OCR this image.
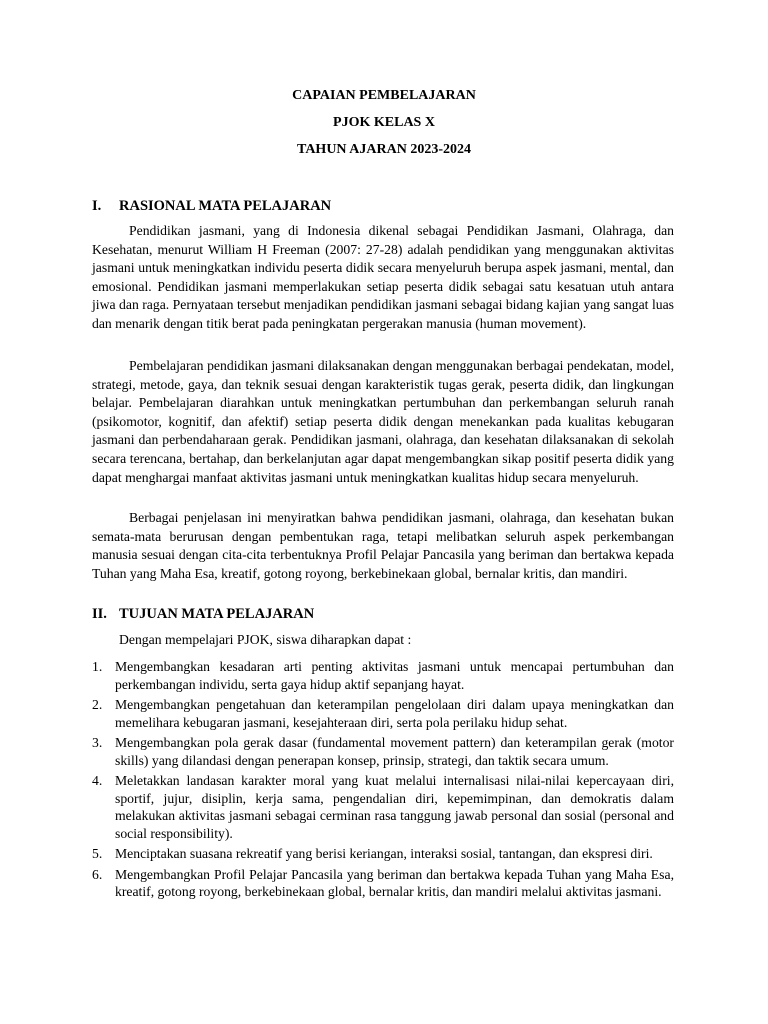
CAPAIAN PEMBELAJARAN
PJOK KELAS X
TAHUN AJARAN 2023-2024
I. RASIONAL MATA PELAJARAN

Pendidikan jasmani, yang di Indonesia dikenal sebagai Pendidikan Jasmani, Olahraga, dan Kesehatan, menurut William H Freeman (2007: 27-28) adalah pendidikan yang menggunakan aktivitas jasmani untuk meningkatkan individu peserta didik secara menyeluruh berupa aspek jasmani, mental, dan emosional. Pendidikan jasmani memperlakukan setiap peserta didik sebagai satu kesatuan utuh antara jiwa dan raga. Pernyataan tersebut menjadikan pendidikan jasmani sebagai bidang kajian yang sangat luas dan menarik dengan titik berat pada peningkatan pergerakan manusia (human movement).

Pembelajaran pendidikan jasmani dilaksanakan dengan menggunakan berbagai pendekatan, model, strategi, metode, gaya, dan teknik sesuai dengan karakteristik tugas gerak, peserta didik, dan lingkungan belajar. Pembelajaran diarahkan untuk meningkatkan pertumbuhan dan perkembangan seluruh ranah (psikomotor, kognitif, dan afektif) setiap peserta didik dengan menekankan pada kualitas kebugaran jasmani dan perbendaharaan gerak. Pendidikan jasmani, olahraga, dan kesehatan dilaksanakan di sekolah secara terencana, bertahap, dan berkelanjutan agar dapat mengembangkan sikap positif peserta didik yang dapat menghargai manfaat aktivitas jasmani untuk meningkatkan kualitas hidup secara menyeluruh.

Berbagai penjelasan ini menyiratkan bahwa pendidikan jasmani, olahraga, dan kesehatan bukan semata-mata berurusan dengan pembentukan raga, tetapi melibatkan seluruh aspek perkembangan manusia sesuai dengan cita-cita terbentuknya Profil Pelajar Pancasila yang beriman dan bertakwa kepada Tuhan yang Maha Esa, kreatif, gotong royong, berkebinekaan global, bernalar kritis, dan mandiri.

II. TUJUAN MATA PELAJARAN
Dengan mempelajari PJOK, siswa diharapkan dapat :
1. Mengembangkan kesadaran arti penting aktivitas jasmani untuk mencapai pertumbuhan dan perkembangan individu, serta gaya hidup aktif sepanjang hayat.
2. Mengembangkan pengetahuan dan keterampilan pengelolaan diri dalam upaya meningkatkan dan memelihara kebugaran jasmani, kesejahteraan diri, serta pola perilaku hidup sehat.
3. Mengembangkan pola gerak dasar (fundamental movement pattern) dan keterampilan gerak (motor skills) yang dilandasi dengan penerapan konsep, prinsip, strategi, dan taktik secara umum.
4. Meletakkan landasan karakter moral yang kuat melalui internalisasi nilai-nilai kepercayaan diri, sportif, jujur, disiplin, kerja sama, pengendalian diri, kepemimpinan, dan demokratis dalam melakukan aktivitas jasmani sebagai cerminan rasa tanggung jawab personal dan sosial (personal and social responsibility).
5. Menciptakan suasana rekreatif yang berisi keriangan, interaksi sosial, tantangan, dan ekspresi diri.
6. Mengembangkan Profil Pelajar Pancasila yang beriman dan bertakwa kepada Tuhan yang Maha Esa, kreatif, gotong royong, berkebinekaan global, bernalar kritis, dan mandiri melalui aktivitas jasmani.
